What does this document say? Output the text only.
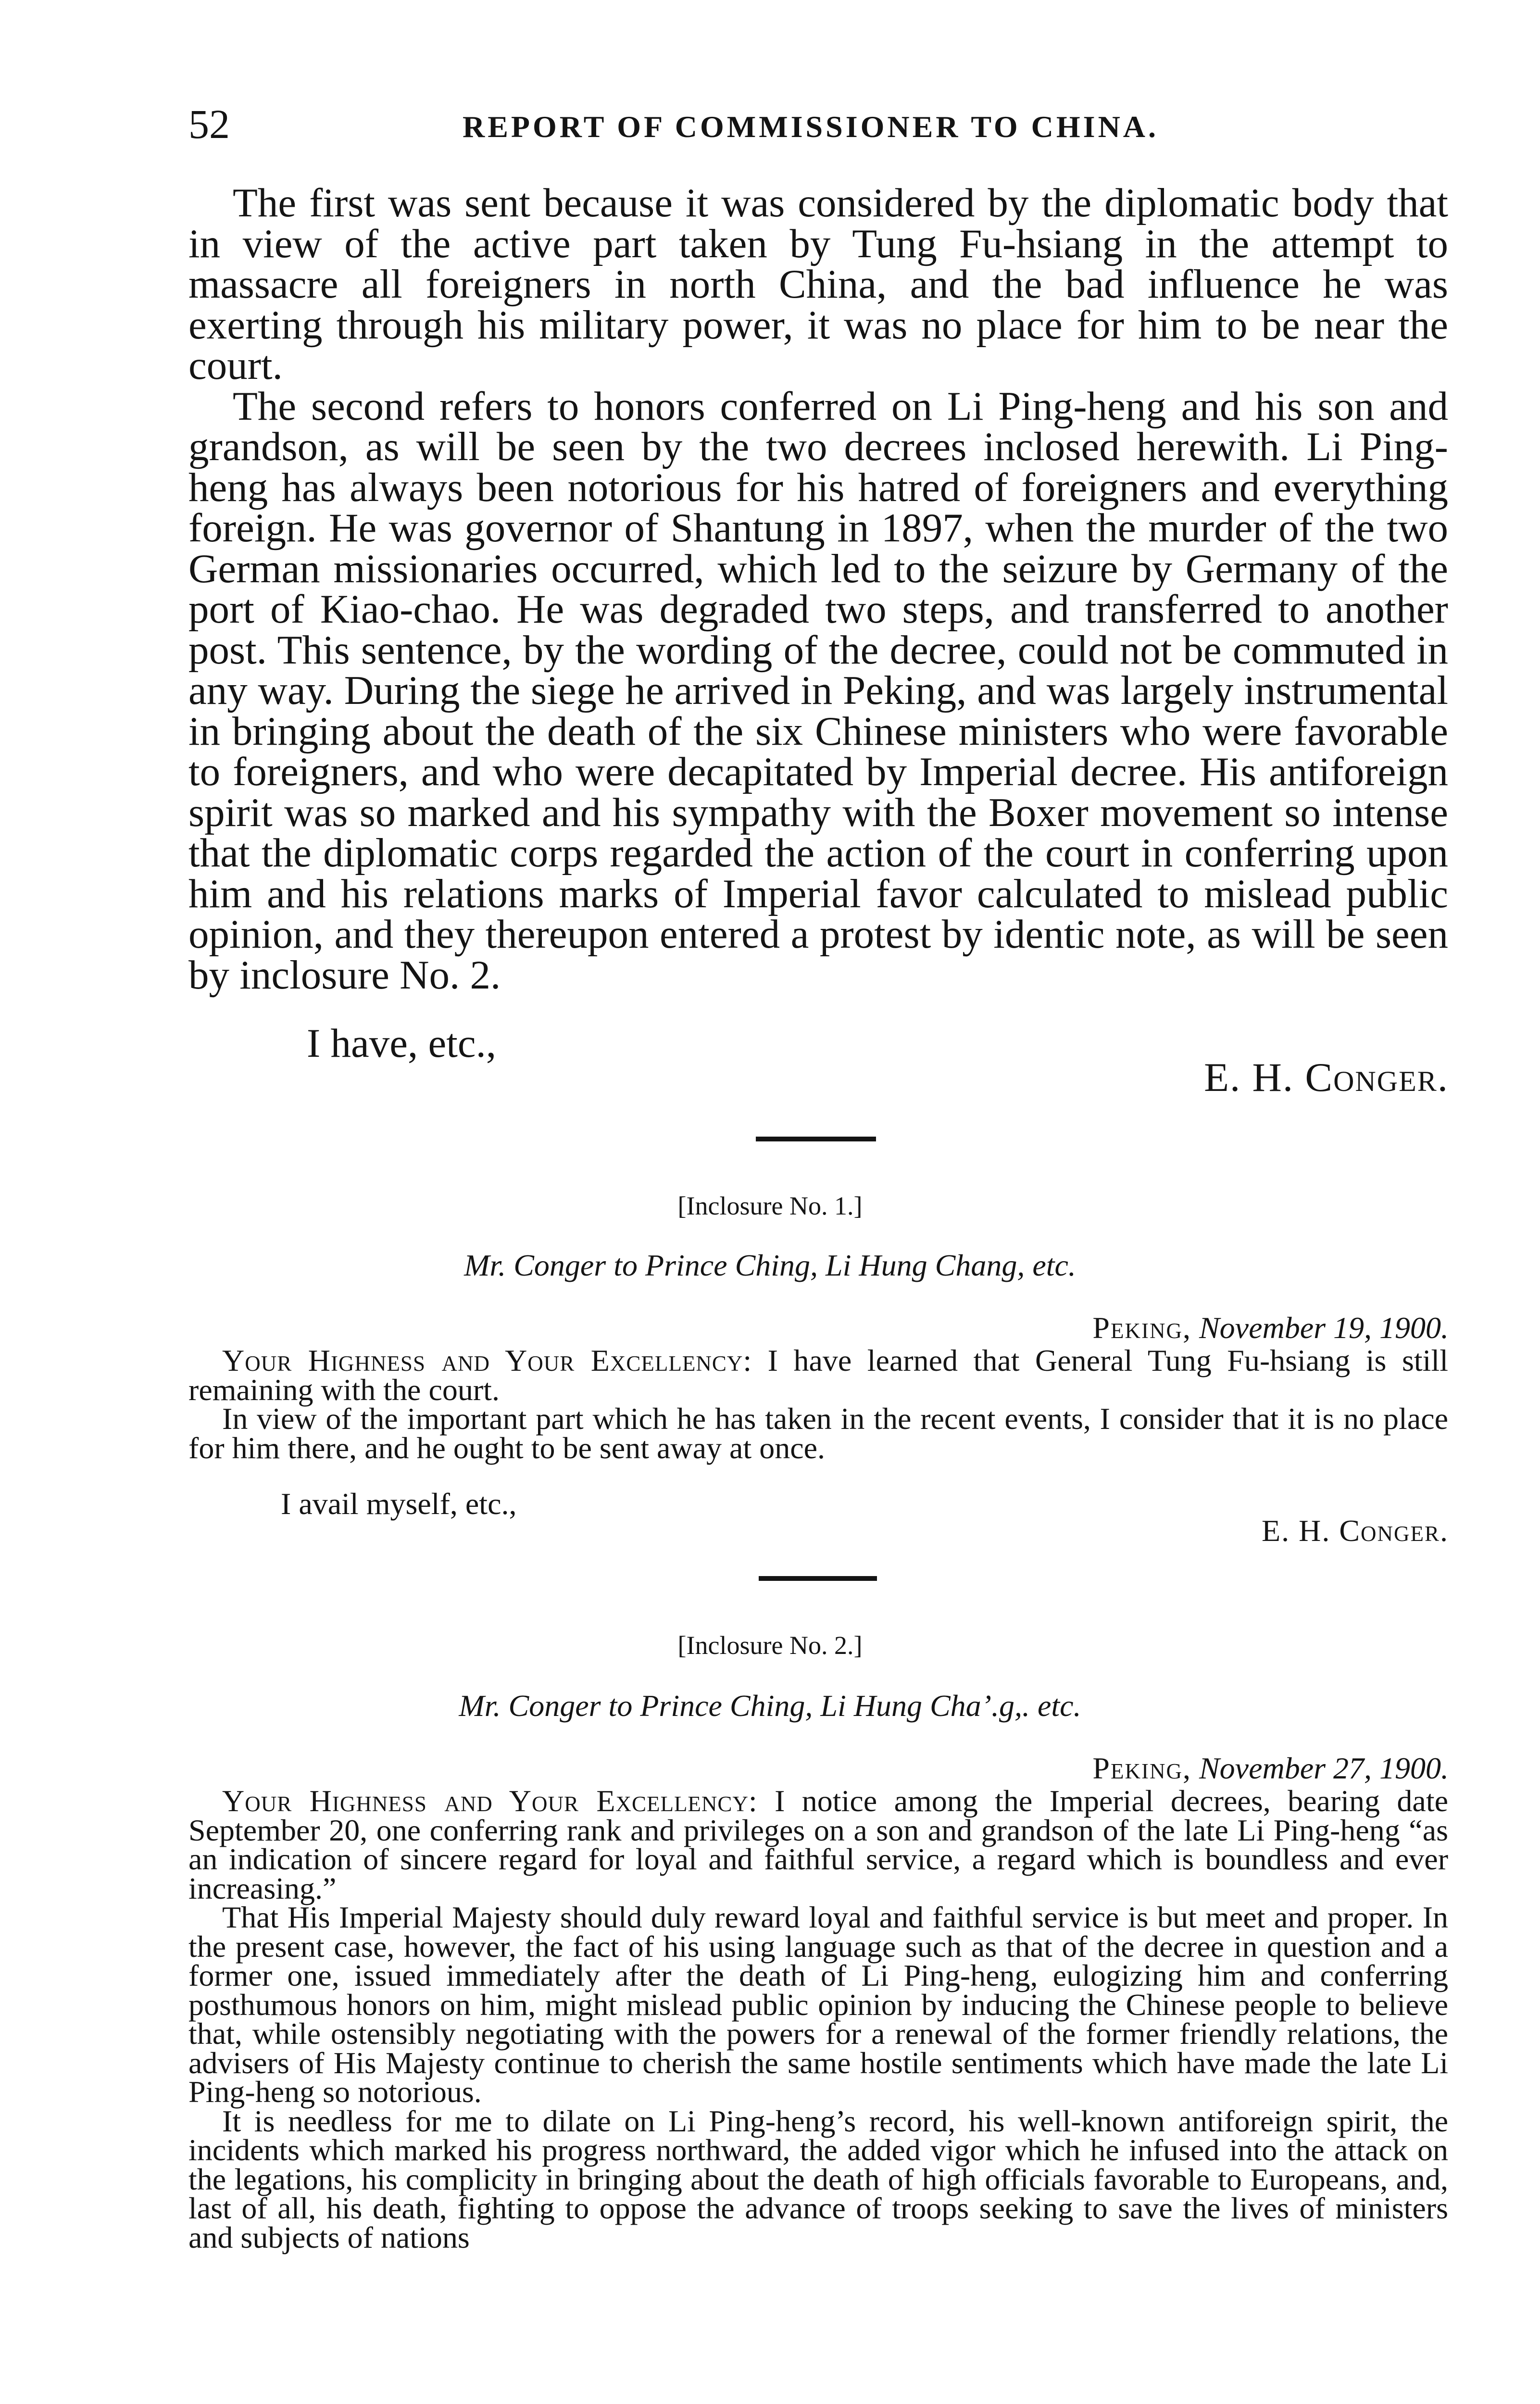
52	REPORT OF COMMISSIONER TO CHINA.

The first was sent because it was considered by the diplomatic body that in view of the active part taken by Tung Fu-hsiang in the attempt to massacre all foreigners in north China, and the bad influence he was exerting through his military power, it was no place for him to be near the court.

The second refers to honors conferred on Li Ping-heng and his son and grandson, as will be seen by the two decrees inclosed herewith. Li Ping-heng has always been notorious for his hatred of foreigners and everything foreign. He was governor of Shantung in 1897, when the murder of the two German missionaries occurred, which led to the seizure by Germany of the port of Kiao-chao. He was degraded two steps, and transferred to another post. This sentence, by the wording of the decree, could not be commuted in any way. During the siege he arrived in Peking, and was largely instrumental in bringing about the death of the six Chinese ministers who were favorable to foreigners, and who were decapitated by Imperial decree. His antiforeign spirit was so marked and his sympathy with the Boxer movement so intense that the diplomatic corps regarded the action of the court in conferring upon him and his relations marks of Imperial favor calculated to mislead public opinion, and they thereupon entered a protest by identic note, as will be seen by inclosure No. 2.

I have, etc.,
E. H. Conger.
[Inclosure No. 1.]
Mr. Conger to Prince Ching, Li Hung Chang, etc.
Peking, November 19, 1900.

Your Highness and Your Excellency: I have learned that General Tung Fu-hsiang is still remaining with the court.

In view of the important part which he has taken in the recent events, I consider that it is no place for him there, and he ought to be sent away at once.

I avail myself, etc.,
E. H. Conger.
[Inclosure No. 2.]
Mr. Conger to Prince Ching, Li Hung Cha’.g,. etc.
Peking, November 27, 1900.

Your Highness and Your Excellency: I notice among the Imperial decrees, bearing date September 20, one conferring rank and privileges on a son and grandson of the late Li Ping-heng “as an indication of sincere regard for loyal and faithful service, a regard which is boundless and ever increasing.”

That His Imperial Majesty should duly reward loyal and faithful service is but meet and proper. In the present case, however, the fact of his using language such as that of the decree in question and a former one, issued immediately after the death of Li Ping-heng, eulogizing him and conferring posthumous honors on him, might mislead public opinion by inducing the Chinese people to believe that, while ostensibly negotiating with the powers for a renewal of the former friendly relations, the advisers of His Majesty continue to cherish the same hostile sentiments which have made the late Li Ping-heng so notorious.

It is needless for me to dilate on Li Ping-heng’s record, his well-known antiforeign spirit, the incidents which marked his progress northward, the added vigor which he infused into the attack on the legations, his complicity in bringing about the death of high officials favorable to Europeans, and, last of all, his death, fighting to oppose the advance of troops seeking to save the lives of ministers and subjects of nations
